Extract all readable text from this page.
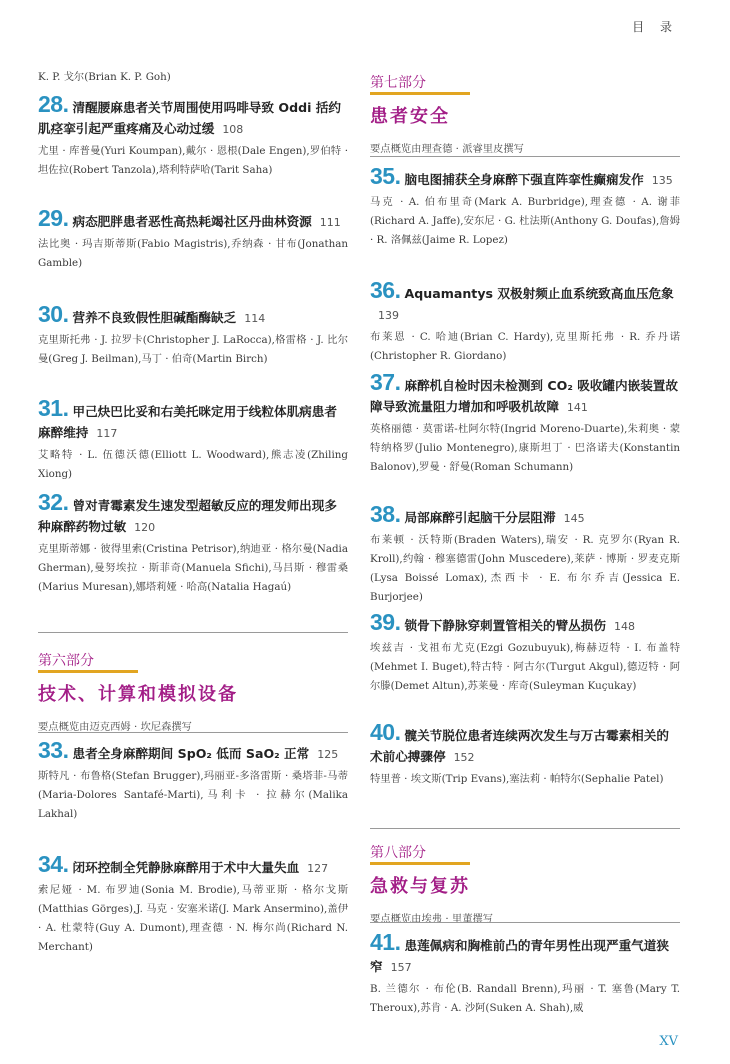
目 录

K. P. 戈尔(Brian K. P. Goh)

28. 清醒腰麻患者关节周围使用吗啡导致 Oddi 括约肌痉挛引起严重疼痛及心动过缓 108

尤里 · 库普曼(Yuri Koumpan),戴尔 · 恩根(Dale Engen),罗伯特 · 坦佐拉(Robert Tanzola),塔利特萨哈(Tarit Saha)

29. 病态肥胖患者恶性高热耗竭社区丹曲林资源 111

法比奥 · 玛吉斯蒂斯(Fabio Magistris),乔纳森 · 甘布(Jonathan Gamble)

30. 营养不良致假性胆碱酯酶缺乏 114

克里斯托弗 · J. 拉罗卡(Christopher J. LaRocca),格雷格 · J. 比尔曼(Greg J. Beilman),马丁 · 伯奇(Martin Birch)

31. 甲己炔巴比妥和右美托咪定用于线粒体肌病患者麻醉维持 117

艾略特 · L. 伍德沃德(Elliott L. Woodward),熊志凌(Zhiling Xiong)

32. 曾对青霉素发生速发型超敏反应的理发师出现多种麻醉药物过敏 120

克里斯蒂娜 · 彼得里索(Cristina Petrisor),纳迪亚 · 格尔曼(Nadia Gherman),曼努埃拉 · 斯菲奇(Manuela Sfichi),马吕斯 · 穆雷桑(Marius Muresan),娜塔莉娅 · 哈高(Natalia Hagaú)

第六部分
技术、计算和模拟设备
要点概览由迈克西姆 · 坎尼森撰写
33. 患者全身麻醉期间 SpO₂ 低而 SaO₂ 正常 125

斯特凡 · 布鲁格(Stefan Brugger),玛丽亚-多洛雷斯 · 桑塔菲-马蒂(Maria-Dolores Santafé-Marti),马利卡 · 拉赫尔(Malika Lakhal)

34. 闭环控制全凭静脉麻醉用于术中大量失血 127

索尼娅 · M. 布罗迪(Sonia M. Brodie),马蒂亚斯 · 格尔戈斯(Matthias Görges),J. 马克 · 安塞米诺(J. Mark Ansermino),盖伊 · A. 杜蒙特(Guy A. Dumont),理查德 · N. 梅尔尚(Richard N. Merchant)

第七部分
患者安全
要点概览由理查德 · 派睿里皮撰写
35. 脑电图捕获全身麻醉下强直阵挛性癫痫发作 135

马克 · A. 伯布里奇(Mark A. Burbridge),理查德 · A. 谢菲(Richard A. Jaffe),安东尼 · G. 杜法斯(Anthony G. Doufas),詹姆 · R. 洛佩兹(Jaime R. Lopez)

36. Aquamantys 双极射频止血系统致高血压危象139

布莱恩 · C. 哈迪(Brian C. Hardy),克里斯托弗 · R. 乔丹诺(Christopher R. Giordano)

37. 麻醉机自检时因未检测到 CO₂ 吸收罐内嵌装置故障导致流量阻力增加和呼吸机故障 141

英格丽德 · 莫雷诺-杜阿尔特(Ingrid Moreno-Duarte),朱莉奥 · 蒙特纳格罗(Julio Montenegro),康斯坦丁 · 巴洛诺夫(Konstantin Balonov),罗曼 · 舒曼(Roman Schumann)

38. 局部麻醉引起脑干分层阻滞 145

布莱顿 · 沃特斯(Braden Waters),瑞安 · R. 克罗尔(Ryan R. Kroll),约翰 · 穆塞德雷(John Muscedere),莱萨 · 博斯 · 罗麦克斯(Lysa Boissé Lomax),杰西卡 · E. 布尔乔吉(Jessica E. Burjorjee)

39. 锁骨下静脉穿刺置管相关的臂丛损伤 148

埃兹吉 · 戈祖布尤克(Ezgi Gozubuyuk),梅赫迈特 · I. 布盖特(Mehmet I. Buget),特古特 · 阿古尔(Turgut Akgul),德迈特 · 阿尔滕(Demet Altun),苏莱曼 · 库奇(Suleyman Kuçukay)

40. 髋关节脱位患者连续两次发生与万古霉素相关的术前心搏骤停 152

特里普 · 埃文斯(Trip Evans),塞法莉 · 帕特尔(Sephalie Patel)

第八部分
急救与复苏
要点概览由埃弗 · 里董撰写
41. 患莲佩病和胸椎前凸的青年男性出现严重气道狭窄 157

B. 兰德尔 · 布伦(B. Randall Brenn),玛丽 · T. 塞鲁(Mary T. Theroux),苏肯 · A. 沙阿(Suken A. Shah),威

XV
